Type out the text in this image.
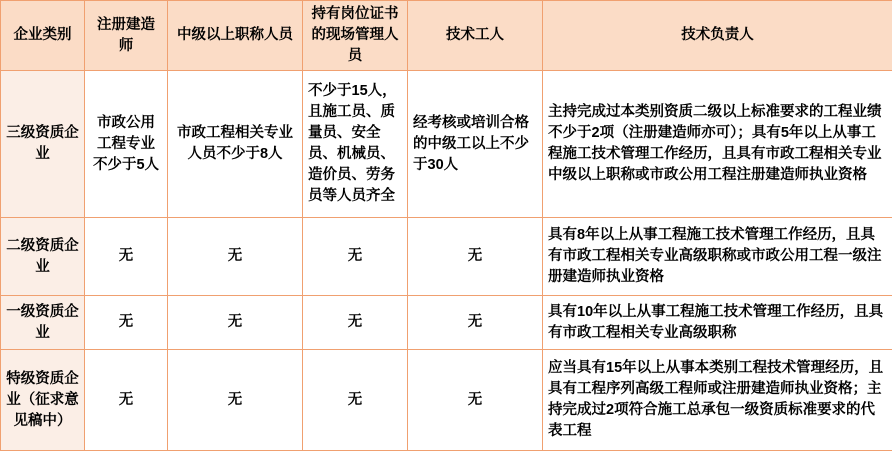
企业类别	注册建造师	中级以上职称人员	持有岗位证书的现场管理人员	技术工人	技术负责人
三级资质企业	市政公用工程专业不少于5人	市政工程相关专业人员不少于8人	不少于15人，且施工员、质量员、安全员、机械员、造价员、劳务员等人员齐全	经考核或培训合格的中级工以上不少于30人	主持完成过本类别资质二级以上标准要求的工程业绩不少于2项（注册建造师亦可）；具有5年以上从事工程施工技术管理工作经历，且具有市政工程相关专业中级以上职称或市政公用工程注册建造师执业资格
二级资质企业	无	无	无	无	具有8年以上从事工程施工技术管理工作经历，且具有市政工程相关专业高级职称或市政公用工程一级注册建造师执业资格
一级资质企业	无	无	无	无	具有10年以上从事工程施工技术管理工作经历，且具有市政工程相关专业高级职称
特级资质企业（征求意见稿中）	无	无	无	无	应当具有15年以上从事本类别工程技术管理经历，且具有工程序列高级工程师或注册建造师执业资格；主持完成过2项符合施工总承包一级资质标准要求的代表工程
